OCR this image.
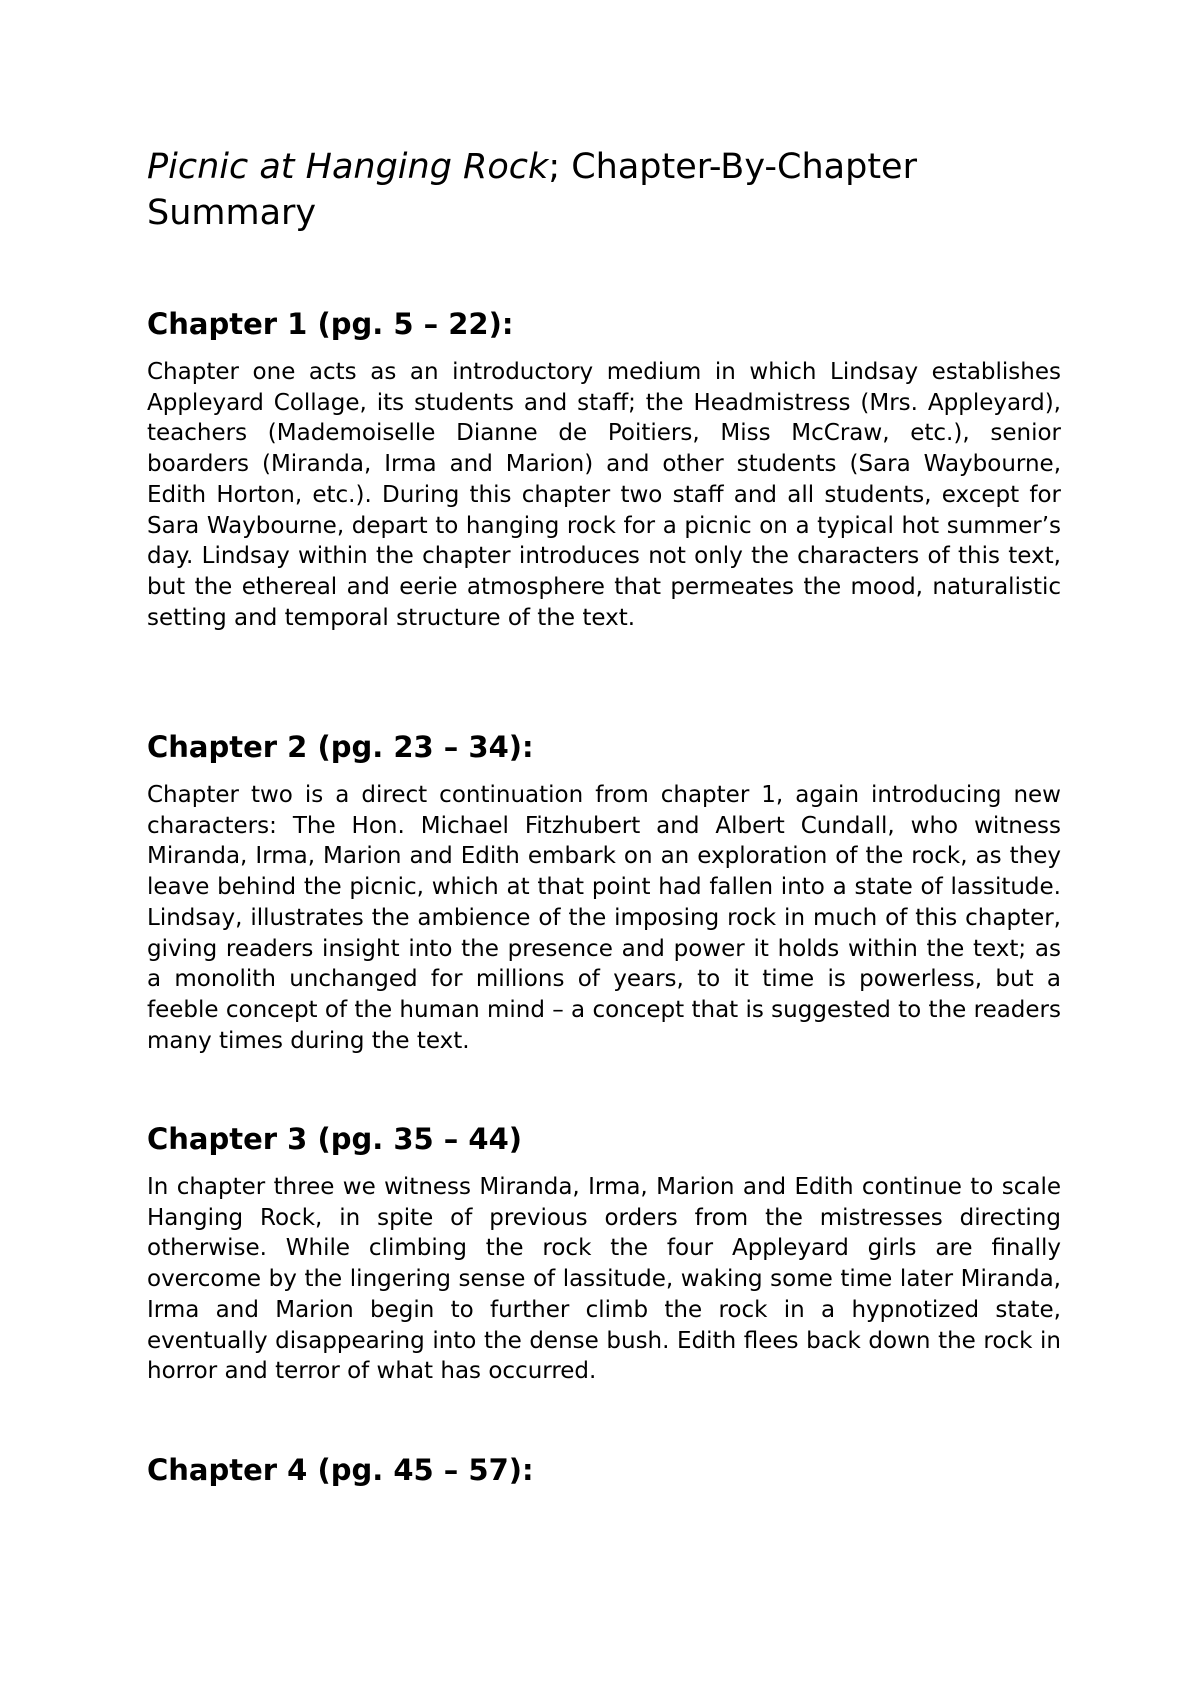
Picnic at Hanging Rock; Chapter-By-Chapter Summary
Chapter 1 (pg. 5 – 22):

Chapter one acts as an introductory medium in which Lindsay establishes Appleyard Collage, its students and staff; the Headmistress (Mrs. Appleyard), teachers (Mademoiselle Dianne de Poitiers, Miss McCraw, etc.), senior boarders (Miranda, Irma and Marion) and other students (Sara Waybourne, Edith Horton, etc.). During this chapter two staff and all students, except for Sara Waybourne, depart to hanging rock for a picnic on a typical hot summer’s day. Lindsay within the chapter introduces not only the characters of this text, but the ethereal and eerie atmosphere that permeates the mood, naturalistic setting and temporal structure of the text.

Chapter 2 (pg. 23 – 34):

Chapter two is a direct continuation from chapter 1, again introducing new characters: The Hon. Michael Fitzhubert and Albert Cundall, who witness Miranda, Irma, Marion and Edith embark on an exploration of the rock, as they leave behind the picnic, which at that point had fallen into a state of lassitude. Lindsay, illustrates the ambience of the imposing rock in much of this chapter, giving readers insight into the presence and power it holds within the text; as a monolith unchanged for millions of years, to it time is powerless, but a feeble concept of the human mind – a concept that is suggested to the readers many times during the text.

Chapter 3 (pg. 35 – 44)

In chapter three we witness Miranda, Irma, Marion and Edith continue to scale Hanging Rock, in spite of previous orders from the mistresses directing otherwise. While climbing the rock the four Appleyard girls are finally overcome by the lingering sense of lassitude, waking some time later Miranda, Irma and Marion begin to further climb the rock in a hypnotized state, eventually disappearing into the dense bush. Edith flees back down the rock in horror and terror of what has occurred.

Chapter 4 (pg. 45 – 57):
